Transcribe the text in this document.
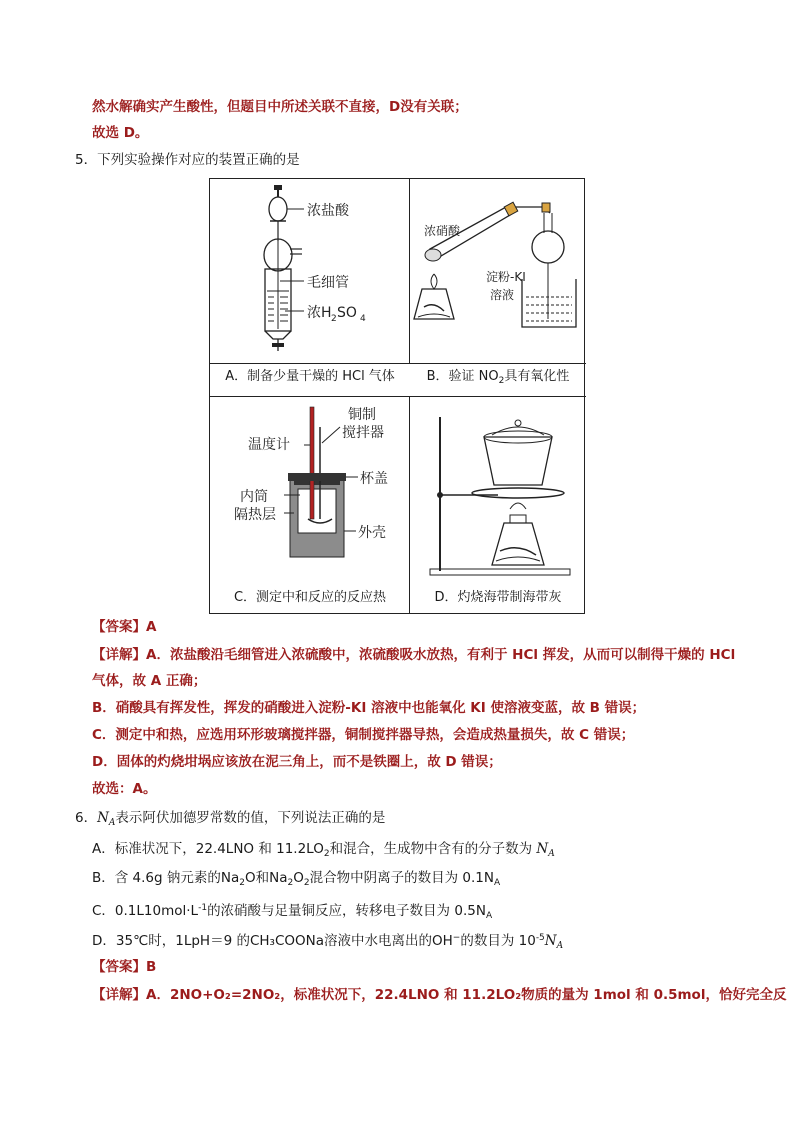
然水解确实产生酸性，但题目中所述关联不直接，D没有关联；
故选 D。
5．下列实验操作对应的装置正确的是
浓盐酸
毛细管
浓H 2 SO 4
A．制备少量干燥的 HCl 气体
浓硝酸
淀粉-KI
溶液
B．验证 $NO_2$具有氧化性
温度计
铜制
搅拌器
杯盖
内筒
隔热层
外壳
C．测定中和反应的反应热	D．灼烧海带制海带灰
【答案】A
【详解】A．浓盐酸沿毛细管进入浓硫酸中，浓硫酸吸水放热，有利于 HCl 挥发，从而可以制得干燥的 HCl
气体，故 A 正确；
B．硝酸具有挥发性，挥发的硝酸进入淀粉-KI 溶液中也能氧化 KI 使溶液变蓝，故 B 错误；
C．测定中和热，应选用环形玻璃搅拌器，铜制搅拌器导热，会造成热量损失，故 C 错误；
D．固体的灼烧坩埚应该放在泥三角上，而不是铁圈上，故 D 错误；
故选：A。
6．$N_A$表示阿伏加德罗常数的值，下列说法正确的是
A．标准状况下，22.4LNO 和 $11.2LO_2$和混合，生成物中含有的分子数为 $N_A$
B．含 4.6g 钠元素的$Na_2O$和$Na_2O_2$混合物中阴离子的数目为 $0.1N_A$
C．$0.1L10mol\cdot L^{-1}$的浓硝酸与足量铜反应，转移电子数目为 $0.5N_A$
D．35℃时，1LpH＝9 的CH₃COONa溶液中水电离出的OH−的数目为 $10^{-5}N_A$
【答案】B
【详解】A．2NO+O₂=2NO₂，标准状况下，22.4LNO 和 11.2LO₂物质的量为 1mol 和 0.5mol，恰好完全反
